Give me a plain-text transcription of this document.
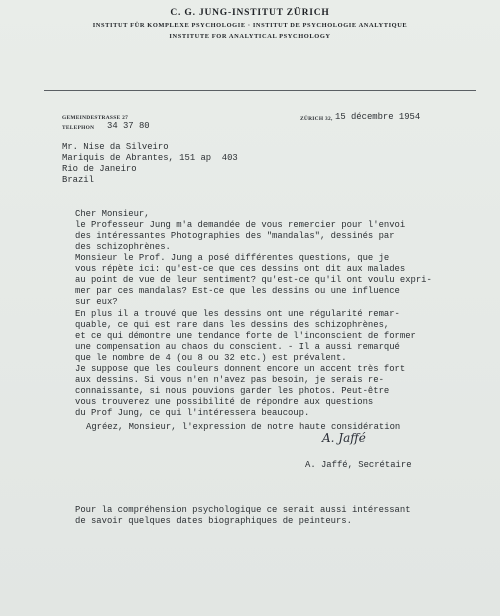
C. G. JUNG-INSTITUT ZÜRICH
INSTITUT FÜR KOMPLEXE PSYCHOLOGIE · INSTITUT DE PSYCHOLOGIE ANALYTIQUE
INSTITUTE FOR ANALYTICAL PSYCHOLOGY
GEMEINDESTRASSE 27
TELEPHON 34 37 80
ZÜRICH 32, 15 décembre 1954
Mr. Nise da Silveiro
Mariquis de Abrantes, 151 ap  403
Rio de Janeiro
Brazil
Cher Monsieur,
le Professeur Jung m'a demandée de vous remercier pour l'envoi
des intéressantes Photographies des "mandalas", dessinés par
des schizophrènes.
Monsieur le Prof. Jung a posé différentes questions, que je
vous répète ici: qu'est-ce que ces dessins ont dit aux malades
au point de vue de leur sentiment? qu'est-ce qu'il ont voulu expri-
mer par ces mandalas? Est-ce que les dessins ou une influence
sur eux?
En plus il a trouvé que les dessins ont une régularité remar-
quable, ce qui est rare dans les dessins des schizophrènes,
et ce qui démontre une tendance forte de l'inconscient de former
une compensation au chaos du conscient. - Il a aussi remarqué
que le nombre de 4 (ou 8 ou 32 etc.) est prévalent.
Je suppose que les couleurs donnent encore un accent très fort
aux dessins. Si vous n'en n'avez pas besoin, je serais re-
connaissante, si nous pouvions garder les photos. Peut-être
vous trouverez une possibilité de répondre aux questions
du Prof Jung, ce qui l'intéressera beaucoup.
Agréez, Monsieur, l'expression de notre haute considération
A. Jaffé
A. Jaffé, Secrétaire
Pour la compréhension psychologique ce serait aussi intéressant
de savoir quelques dates biographiques de peinteurs.
